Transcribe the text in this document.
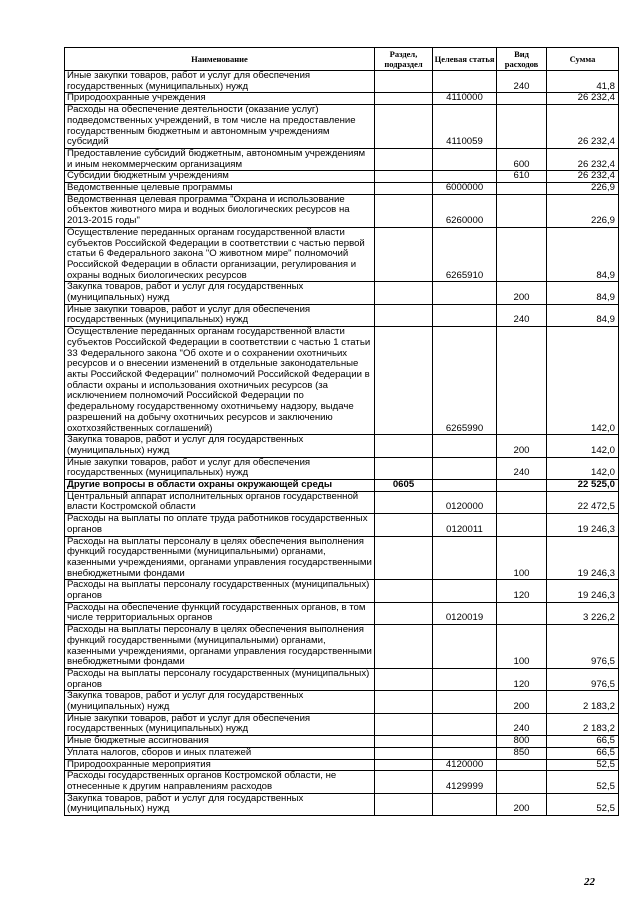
Наименование	Раздел, подраздел	Целевая статья	Вид расходов	Сумма
Иные закупки товаров, работ и услуг для обеспечения государственных (муниципальных) нужд			240	41,8
Природоохранные учреждения		4110000		26 232,4
Расходы на обеспечение деятельности (оказание услуг) подведомственных учреждений, в том числе на предоставление государственным бюджетным и автономным учреждениям субсидий		4110059		26 232,4
Предоставление субсидий бюджетным, автономным учреждениям и иным некоммерческим организациям			600	26 232,4
Субсидии бюджетным учреждениям			610	26 232,4
Ведомственные целевые программы		6000000		226,9
Ведомственная целевая программа "Охрана и использование объектов животного мира и водных биологических ресурсов на 2013-2015 годы"		6260000		226,9
Осуществление переданных органам государственной власти субъектов Российской Федерации в соответствии с частью первой статьи 6 Федерального закона "О животном мире" полномочий Российской Федерации в области организации, регулирования и охраны водных биологических ресурсов		6265910		84,9
Закупка товаров, работ и услуг для государственных (муниципальных) нужд			200	84,9
Иные закупки товаров, работ и услуг для обеспечения государственных (муниципальных) нужд			240	84,9
Осуществление переданных органам государственной власти субъектов Российской Федерации в соответствии с частью 1 статьи 33 Федерального закона "Об охоте и о сохранении охотничьих ресурсов и о внесении изменений в отдельные законодательные акты Российской Федерации" полномочий Российской Федерации в области охраны и использования охотничьих ресурсов (за исключением полномочий Российской Федерации по федеральному государственному охотничьему надзору, выдаче разрешений на добычу охотничьих ресурсов и заключению охотхозяйственных соглашений)		6265990		142,0
Закупка товаров, работ и услуг для государственных (муниципальных) нужд			200	142,0
Иные закупки товаров, работ и услуг для обеспечения государственных (муниципальных) нужд			240	142,0
Другие вопросы в области охраны окружающей среды	0605			22 525,0
Центральный аппарат исполнительных органов государственной власти Костромской области		0120000		22 472,5
Расходы на выплаты по оплате труда работников государственных органов		0120011		19 246,3
Расходы на выплаты персоналу в целях обеспечения выполнения функций государственными (муниципальными) органами, казенными учреждениями, органами управления государственными внебюджетными фондами			100	19 246,3
Расходы на выплаты персоналу государственных (муниципальных) органов			120	19 246,3
Расходы на обеспечение функций государственных органов, в том числе территориальных органов		0120019		3 226,2
Расходы на выплаты персоналу в целях обеспечения выполнения функций государственными (муниципальными) органами, казенными учреждениями, органами управления государственными внебюджетными фондами			100	976,5
Расходы на выплаты персоналу государственных (муниципальных) органов			120	976,5
Закупка товаров, работ и услуг для государственных (муниципальных) нужд			200	2 183,2
Иные закупки товаров, работ и услуг для обеспечения государственных (муниципальных) нужд			240	2 183,2
Иные бюджетные ассигнования			800	66,5
Уплата налогов, сборов и иных платежей			850	66,5
Природоохранные мероприятия		4120000		52,5
Расходы государственных органов Костромской области, не отнесенные к другим направлениям расходов		4129999		52,5
Закупка товаров, работ и услуг для государственных (муниципальных) нужд			200	52,5
22
